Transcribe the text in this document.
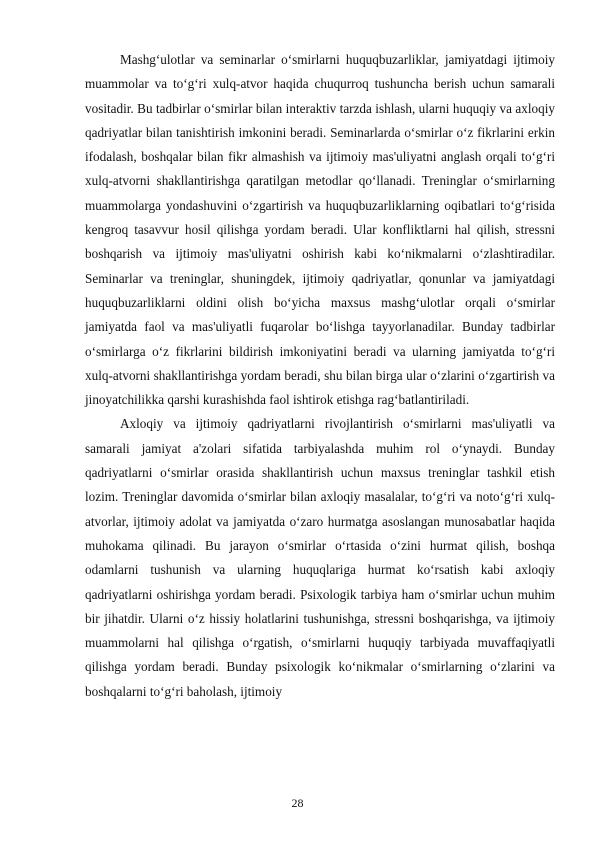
Mashg‘ulotlar va seminarlar o‘smirlarni huquqbuzarliklar, jamiyatdagi ijtimoiy muammolar va to‘g‘ri xulq-atvor haqida chuqurroq tushuncha berish uchun samarali vositadir. Bu tadbirlar o‘smirlar bilan interaktiv tarzda ishlash, ularni huquqiy va axloqiy qadriyatlar bilan tanishtirish imkonini beradi. Seminarlarda o‘smirlar o‘z fikrlarini erkin ifodalash, boshqalar bilan fikr almashish va ijtimoiy mas'uliyatni anglash orqali to‘g‘ri xulq-atvorni shakllantirishga qaratilgan metodlar qo‘llanadi. Treninglar o‘smirlarning muammolarga yondashuvini o‘zgartirish va huquqbuzarliklarning oqibatlari to‘g‘risida kengroq tasavvur hosil qilishga yordam beradi. Ular konfliktlarni hal qilish, stressni boshqarish va ijtimoiy mas'uliyatni oshirish kabi ko‘nikmalarni o‘zlashtiradilar. Seminarlar va treninglar, shuningdek, ijtimoiy qadriyatlar, qonunlar va jamiyatdagi huquqbuzarliklarni oldini olish bo‘yicha maxsus mashg‘ulotlar orqali o‘smirlar jamiyatda faol va mas'uliyatli fuqarolar bo‘lishga tayyorlanadilar. Bunday tadbirlar o‘smirlarga o‘z fikrlarini bildirish imkoniyatini beradi va ularning jamiyatda to‘g‘ri xulq-atvorni shakllantirishga yordam beradi, shu bilan birga ular o‘zlarini o‘zgartirish va jinoyatchilikka qarshi kurashishda faol ishtirok etishga rag‘batlantiriladi.

Axloqiy va ijtimoiy qadriyatlarni rivojlantirish o‘smirlarni mas'uliyatli va samarali jamiyat a'zolari sifatida tarbiyalashda muhim rol o‘ynaydi. Bunday qadriyatlarni o‘smirlar orasida shakllantirish uchun maxsus treninglar tashkil etish lozim. Treninglar davomida o‘smirlar bilan axloqiy masalalar, to‘g‘ri va noto‘g‘ri xulq-atvorlar, ijtimoiy adolat va jamiyatda o‘zaro hurmatga asoslangan munosabatlar haqida muhokama qilinadi. Bu jarayon o‘smirlar o‘rtasida o‘zini hurmat qilish, boshqa odamlarni tushunish va ularning huquqlariga hurmat ko‘rsatish kabi axloqiy qadriyatlarni oshirishga yordam beradi. Psixologik tarbiya ham o‘smirlar uchun muhim bir jihatdir. Ularni o‘z hissiy holatlarini tushunishga, stressni boshqarishga, va ijtimoiy muammolarni hal qilishga o‘rgatish, o‘smirlarni huquqiy tarbiyada muvaffaqiyatli qilishga yordam beradi. Bunday psixologik ko‘nikmalar o‘smirlarning o‘zlarini va boshqalarni to‘g‘ri baholash, ijtimoiy

28
